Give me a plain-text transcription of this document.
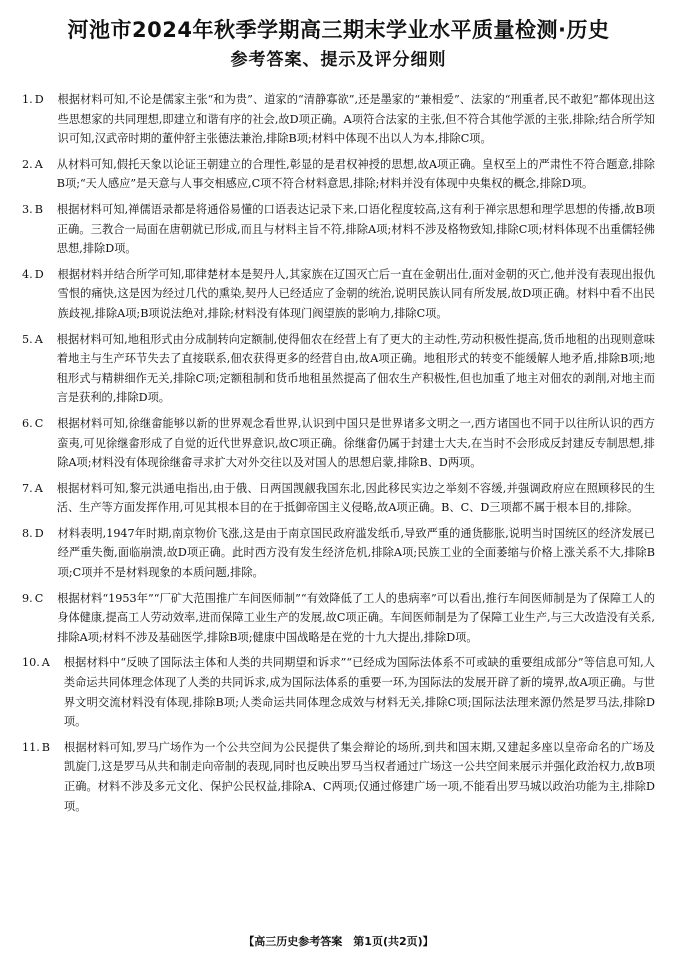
河池市2024年秋季学期高三期末学业水平质量检测·历史
参考答案、提示及评分细则
1. D	根据材料可知,不论是儒家主张“和为贵”、道家的“清静寡欲”,还是墨家的“兼相爱”、法家的“刑重者,民不敢犯”都体现出这些思想家的共同理想,即建立和谐有序的社会,故D项正确。A项符合法家的主张,但不符合其他学派的主张,排除;结合所学知识可知,汉武帝时期的董仲舒主张德法兼治,排除B项;材料中体现不出以人为本,排除C项。
2. A	从材料可知,假托天象以论证王朝建立的合理性,彰显的是君权神授的思想,故A项正确。皇权至上的严肃性不符合题意,排除B项;“天人感应”是天意与人事交相感应,C项不符合材料意思,排除;材料并没有体现中央集权的概念,排除D项。
3. B	根据材料可知,禅儒语录都是将通俗易懂的口语表达记录下来,口语化程度较高,这有利于禅宗思想和理学思想的传播,故B项正确。三教合一局面在唐朝就已形成,而且与材料主旨不符,排除A项;材料不涉及格物致知,排除C项;材料体现不出重儒轻佛思想,排除D项。
4. D	根据材料并结合所学可知,耶律楚材本是契丹人,其家族在辽国灭亡后一直在金朝出仕,面对金朝的灭亡,他并没有表现出报仇雪恨的痛快,这是因为经过几代的熏染,契丹人已经适应了金朝的统治,说明民族认同有所发展,故D项正确。材料中看不出民族歧视,排除A项;B项说法绝对,排除;材料没有体现门阀望族的影响力,排除C项。
5. A	根据材料可知,地租形式由分成制转向定额制,使得佃农在经营上有了更大的主动性,劳动积极性提高,货币地租的出现则意味着地主与生产环节失去了直接联系,佃农获得更多的经营自由,故A项正确。地租形式的转变不能缓解人地矛盾,排除B项;地租形式与精耕细作无关,排除C项;定额租制和货币地租虽然提高了佃农生产积极性,但也加重了地主对佃农的剥削,对地主而言是获利的,排除D项。
6. C	根据材料可知,徐继畲能够以新的世界观念看世界,认识到中国只是世界诸多文明之一,西方诸国也不同于以往所认识的西方蛮夷,可见徐继畲形成了自觉的近代世界意识,故C项正确。徐继畲仍属于封建士大夫,在当时不会形成反封建反专制思想,排除A项;材料没有体现徐继畲寻求扩大对外交往以及对国人的思想启蒙,排除B、D两项。
7. A	根据材料可知,黎元洪通电指出,由于俄、日两国觊觎我国东北,因此移民实边之举刻不容缓,并强调政府应在照顾移民的生活、生产等方面发挥作用,可见其根本目的在于抵御帝国主义侵略,故A项正确。B、C、D三项都不属于根本目的,排除。
8. D	材料表明,1947年时期,南京物价飞涨,这是由于南京国民政府滥发纸币,导致严重的通货膨胀,说明当时国统区的经济发展已经严重失衡,面临崩溃,故D项正确。此时西方没有发生经济危机,排除A项;民族工业的全面萎缩与价格上涨关系不大,排除B项;C项并不是材料现象的本质问题,排除。
9. C	根据材料“1953年”“厂矿大范围推广车间医师制”“有效降低了工人的患病率”可以看出,推行车间医师制是为了保障工人的身体健康,提高工人劳动效率,进而保障工业生产的发展,故C项正确。车间医师制是为了保障工业生产,与三大改造没有关系,排除A项;材料不涉及基础医学,排除B项;健康中国战略是在党的十九大提出,排除D项。
10. A	根据材料中“反映了国际法主体和人类的共同期望和诉求”“已经成为国际法体系不可或缺的重要组成部分”等信息可知,人类命运共同体理念体现了人类的共同诉求,成为国际法体系的重要一环,为国际法的发展开辟了新的境界,故A项正确。与世界文明交流材料没有体现,排除B项;人类命运共同体理念成效与材料无关,排除C项;国际法法理来源仍然是罗马法,排除D项。
11. B	根据材料可知,罗马广场作为一个公共空间为公民提供了集会辩论的场所,到共和国末期,又建起多座以皇帝命名的广场及凯旋门,这是罗马从共和制走向帝制的表现,同时也反映出罗马当权者通过广场这一公共空间来展示并强化政治权力,故B项正确。材料不涉及多元文化、保护公民权益,排除A、C两项;仅通过修建广场一项,不能看出罗马城以政治功能为主,排除D项。
【高三历史参考答案　第1页(共2页)】
